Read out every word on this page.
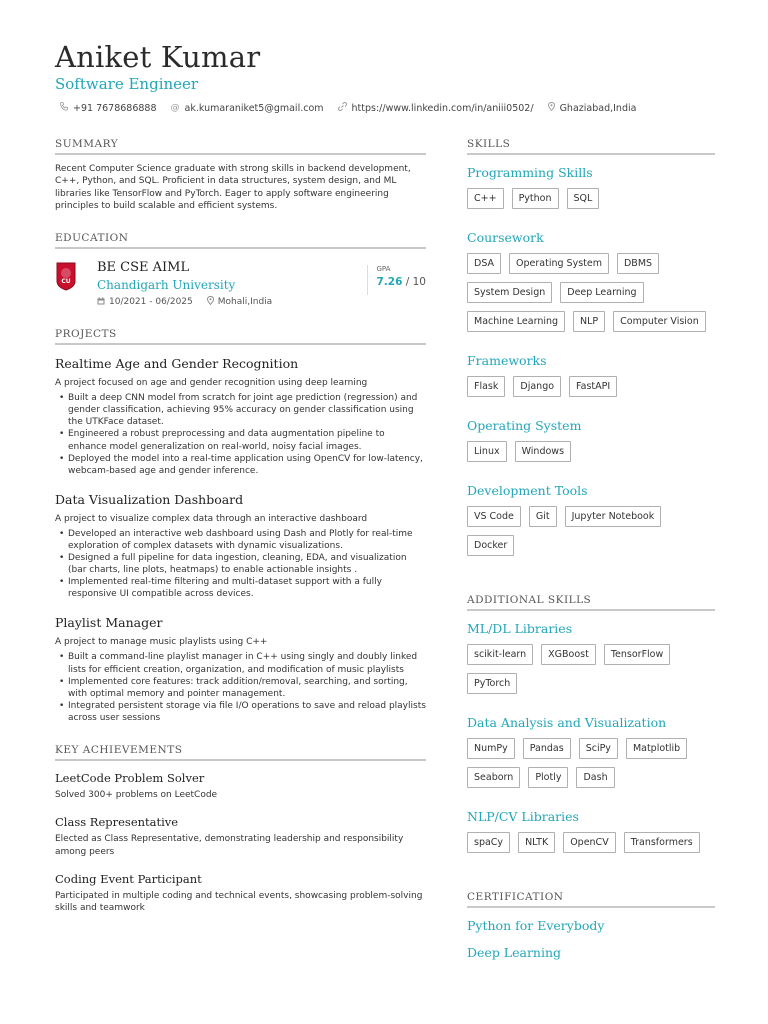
Aniket Kumar
Software Engineer
+91 7678686888 @ ak.kumaraniket5@gmail.com	https://www.linkedin.com/in/aniii0502/	Ghaziabad,India
SUMMARY
Recent Computer Science graduate with strong skills in backend development, C++, Python, and SQL. Proficient in data structures, system design, and ML libraries like TensorFlow and PyTorch. Eager to apply software engineering principles to build scalable and efficient systems.
EDUCATION
CU
BE CSE AIML
Chandigarh University
10/2021 - 06/2025	Mohali,India
GPA
7.26 / 10
PROJECTS
Realtime Age and Gender Recognition
A project focused on age and gender recognition using deep learning
• Built a deep CNN model from scratch for joint age prediction (regression) and gender classification, achieving 95% accuracy on gender classification using the UTKFace dataset.
• Engineered a robust preprocessing and data augmentation pipeline to enhance model generalization on real-world, noisy facial images.
• Deployed the model into a real-time application using OpenCV for low-latency, webcam-based age and gender inference.
Data Visualization Dashboard
A project to visualize complex data through an interactive dashboard
• Developed an interactive web dashboard using Dash and Plotly for real-time exploration of complex datasets with dynamic visualizations.
• Designed a full pipeline for data ingestion, cleaning, EDA, and visualization (bar charts, line plots, heatmaps) to enable actionable insights .
• Implemented real-time filtering and multi-dataset support with a fully responsive UI compatible across devices.
Playlist Manager
A project to manage music playlists using C++
• Built a command-line playlist manager in C++ using singly and doubly linked lists for efficient creation, organization, and modification of music playlists
• Implemented core features: track addition/removal, searching, and sorting, with optimal memory and pointer management.
• Integrated persistent storage via file I/O operations to save and reload playlists across user sessions
KEY ACHIEVEMENTS
LeetCode Problem Solver
Solved 300+ problems on LeetCode
Class Representative
Elected as Class Representative, demonstrating leadership and responsibility among peers
Coding Event Participant
Participated in multiple coding and technical events, showcasing problem-solving skills and teamwork
SKILLS
Programming Skills
C++	Python	SQL
Coursework
DSA	Operating System	DBMS
System Design	Deep Learning
Machine Learning	NLP	Computer Vision
Frameworks
Flask	Django	FastAPI
Operating System
Linux	Windows
Development Tools
VS Code	Git	Jupyter Notebook
Docker
ADDITIONAL SKILLS
ML/DL Libraries
scikit-learn	XGBoost	TensorFlow
PyTorch
Data Analysis and Visualization
NumPy	Pandas	SciPy	Matplotlib
Seaborn	Plotly	Dash
NLP/CV Libraries
spaCy	NLTK	OpenCV	Transformers
CERTIFICATION
Python for Everybody
Deep Learning
